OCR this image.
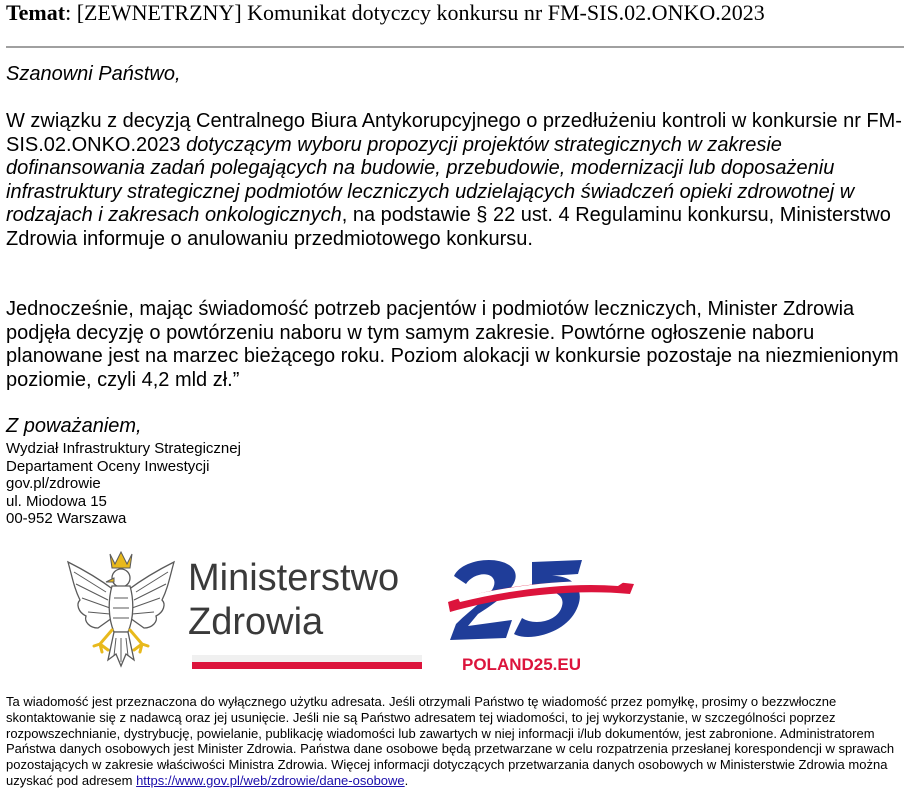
Temat: [ZEWNETRZNY] Komunikat dotyczcy konkursu nr FM-SIS.02.ONKO.2023
Szanowni Państwo,
W związku z decyzją Centralnego Biura Antykorupcyjnego o przedłużeniu kontroli w konkursie nr FM-SIS.02.ONKO.2023 dotyczącym wyboru propozycji projektów strategicznych w zakresie dofinansowania zadań polegających na budowie, przebudowie, modernizacji lub doposażeniu infrastruktury strategicznej podmiotów leczniczych udzielających świadczeń opieki zdrowotnej w rodzajach i zakresach onkologicznych, na podstawie § 22 ust. 4 Regulaminu konkursu, Ministerstwo Zdrowia informuje o anulowaniu przedmiotowego konkursu.
Jednocześnie, mając świadomość potrzeb pacjentów i podmiotów leczniczych, Minister Zdrowia podjęła decyzję o powtórzeniu naboru w tym samym zakresie. Powtórne ogłoszenie naboru planowane jest na marzec bieżącego roku. Poziom alokacji w konkursie pozostaje na niezmienionym poziomie, czyli 4,2 mld zł.”
Z poważaniem,
Wydział Infrastruktury Strategicznej
Departament Oceny Inwestycji
gov.pl/zdrowie
ul. Miodowa 15
00-952 Warszawa
Ministerstwo
Zdrowia
POLAND25.EU
Ta wiadomość jest przeznaczona do wyłącznego użytku adresata. Jeśli otrzymali Państwo tę wiadomość przez pomyłkę, prosimy o bezzwłoczne skontaktowanie się z nadawcą oraz jej usunięcie. Jeśli nie są Państwo adresatem tej wiadomości, to jej wykorzystanie, w szczególności poprzez rozpowszechnianie, dystrybucję, powielanie, publikację wiadomości lub zawartych w niej informacji i/lub dokumentów, jest zabronione. Administratorem Państwa danych osobowych jest Minister Zdrowia. Państwa dane osobowe będą przetwarzane w celu rozpatrzenia przesłanej korespondencji w sprawach pozostających w zakresie właściwości Ministra Zdrowia. Więcej informacji dotyczących przetwarzania danych osobowych w Ministerstwie Zdrowia można uzyskać pod adresem https://www.gov.pl/web/zdrowie/dane-osobowe.
